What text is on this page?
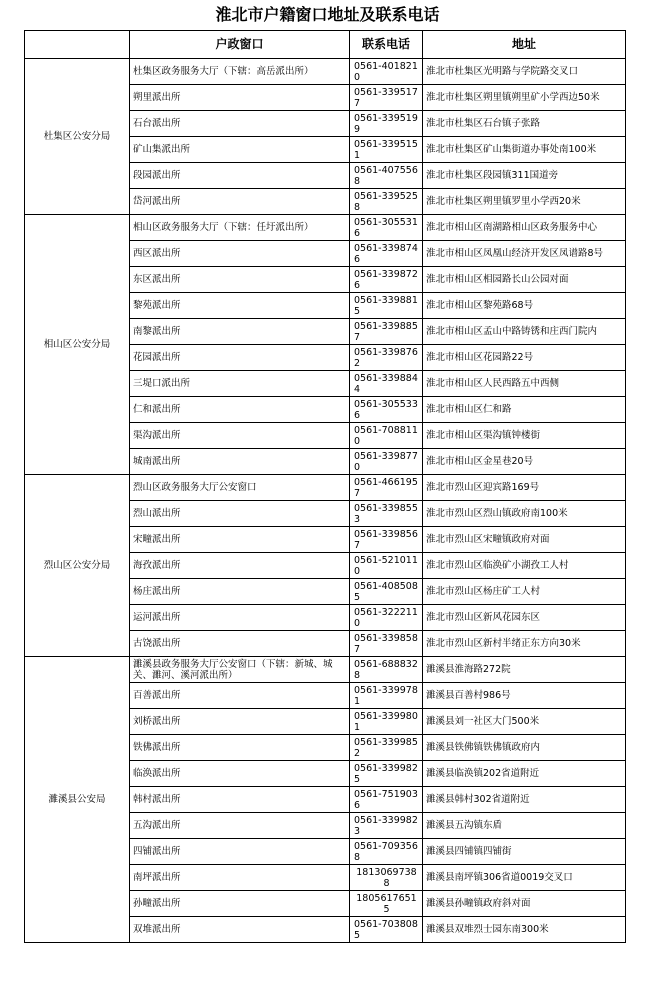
淮北市户籍窗口地址及联系电话
	户政窗口	联系电话	地址
杜集区公安分局	杜集区政务服务大厅（下辖：高岳派出所）	0561-4018210	淮北市杜集区光明路与学院路交叉口
	朔里派出所	0561-3395177	淮北市杜集区朔里镇朔里矿小学西边50米
	石台派出所	0561-3395199	淮北市杜集区石台镇子张路
	矿山集派出所	0561-3395151	淮北市杜集区矿山集街道办事处南100米
	段园派出所	0561-4075568	淮北市杜集区段园镇311国道旁
	岱河派出所	0561-3395258	淮北市杜集区朔里镇罗里小学西20米
相山区公安分局	相山区政务服务大厅（下辖：任圩派出所）	0561-3055316	淮北市相山区南湖路相山区政务服务中心
	西区派出所	0561-3398746	淮北市相山区凤凰山经济开发区凤谱路8号
	东区派出所	0561-3398726	淮北市相山区相园路长山公园对面
	黎苑派出所	0561-3398815	淮北市相山区黎苑路68号
	南黎派出所	0561-3398857	淮北市相山区孟山中路铸锈和庄西门院内
	花园派出所	0561-3398762	淮北市相山区花园路22号
	三堤口派出所	0561-3398844	淮北市相山区人民西路五中西侧
	仁和派出所	0561-3055336	淮北市相山区仁和路
	渠沟派出所	0561-7088110	淮北市相山区渠沟镇钟楼街
	城南派出所	0561-3398770	淮北市相山区金星巷20号
烈山区公安分局	烈山区政务服务大厅公安窗口	0561-4661957	淮北市烈山区迎宾路169号
	烈山派出所	0561-3398553	淮北市烈山区烈山镇政府南100米
	宋疃派出所	0561-3398567	淮北市烈山区宋疃镇政府对面
	海孜派出所	0561-5210110	淮北市烈山区临涣矿小湖孜工人村
	杨庄派出所	0561-4085085	淮北市烈山区杨庄矿工人村
	运河派出所	0561-3222110	淮北市烈山区新风花园东区
	古饶派出所	0561-3398587	淮北市烈山区新村半绪正东方向30米
濉溪县公安局	濉溪县政务服务大厅公安窗口（下辖：新城、城关、濉河、溪河派出所）	0561-6888328	濉溪县淮海路272院
	百善派出所	0561-3399781	濉溪县百善村986号
	刘桥派出所	0561-3399801	濉溪县刘一社区大门500米
	铁佛派出所	0561-3399852	濉溪县铁佛镇铁佛镇政府内
	临涣派出所	0561-3399825	濉溪县临涣镇202省道附近
	韩村派出所	0561-7519036	濉溪县韩村302省道附近
	五沟派出所	0561-3399823	濉溪县五沟镇东盾
	四铺派出所	0561-7093568	濉溪县四铺镇四铺街
	南坪派出所	18130697388	濉溪县南坪镇306省道0019交叉口
	孙疃派出所	18056176515	濉溪县孙疃镇政府斜对面
	双堆派出所	0561-7038085	濉溪县双堆烈士园东南300米
